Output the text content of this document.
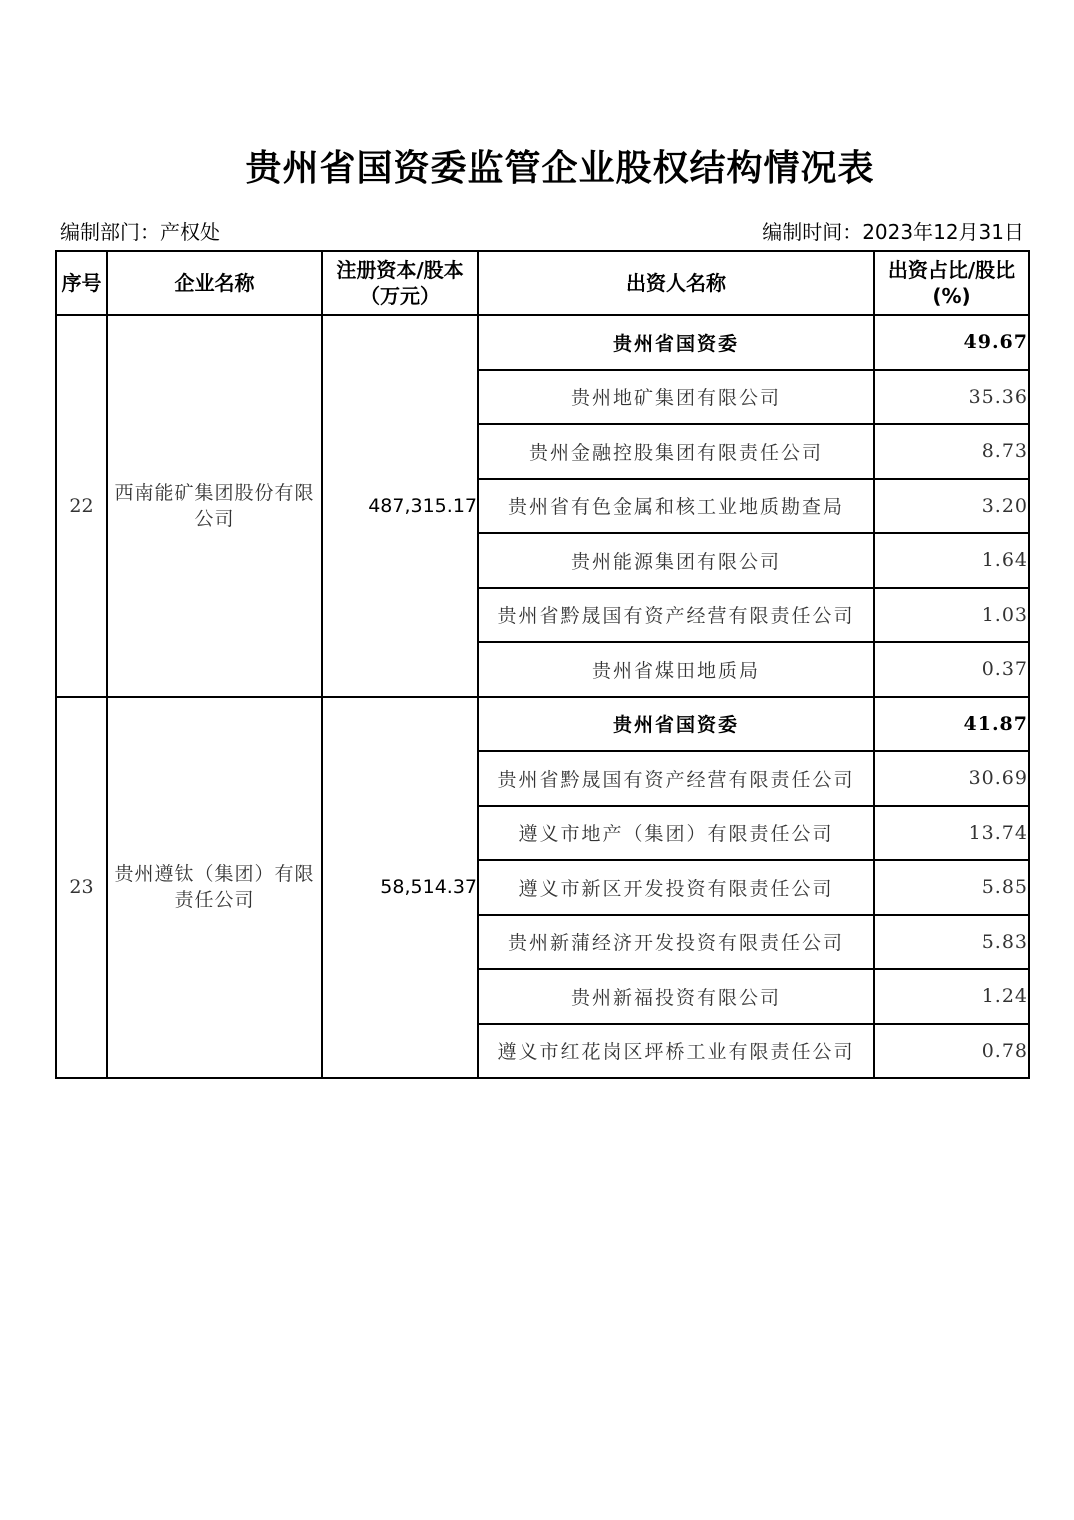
贵州省国资委监管企业股权结构情况表
编制部门：产权处	编制时间：2023年12月31日
序号	企业名称	注册资本/股本（万元）	出资人名称	出资占比/股比(%)
22	西南能矿集团股份有限公司	487,315.17	贵州省国资委	49.67
			贵州地矿集团有限公司	35.36
			贵州金融控股集团有限责任公司	8.73
			贵州省有色金属和核工业地质勘查局	3.20
			贵州能源集团有限公司	1.64
			贵州省黔晟国有资产经营有限责任公司	1.03
			贵州省煤田地质局	0.37
23	贵州遵钛（集团）有限责任公司	58,514.37	贵州省国资委	41.87
			贵州省黔晟国有资产经营有限责任公司	30.69
			遵义市地产（集团）有限责任公司	13.74
			遵义市新区开发投资有限责任公司	5.85
			贵州新蒲经济开发投资有限责任公司	5.83
			贵州新福投资有限公司	1.24
			遵义市红花岗区坪桥工业有限责任公司	0.78
